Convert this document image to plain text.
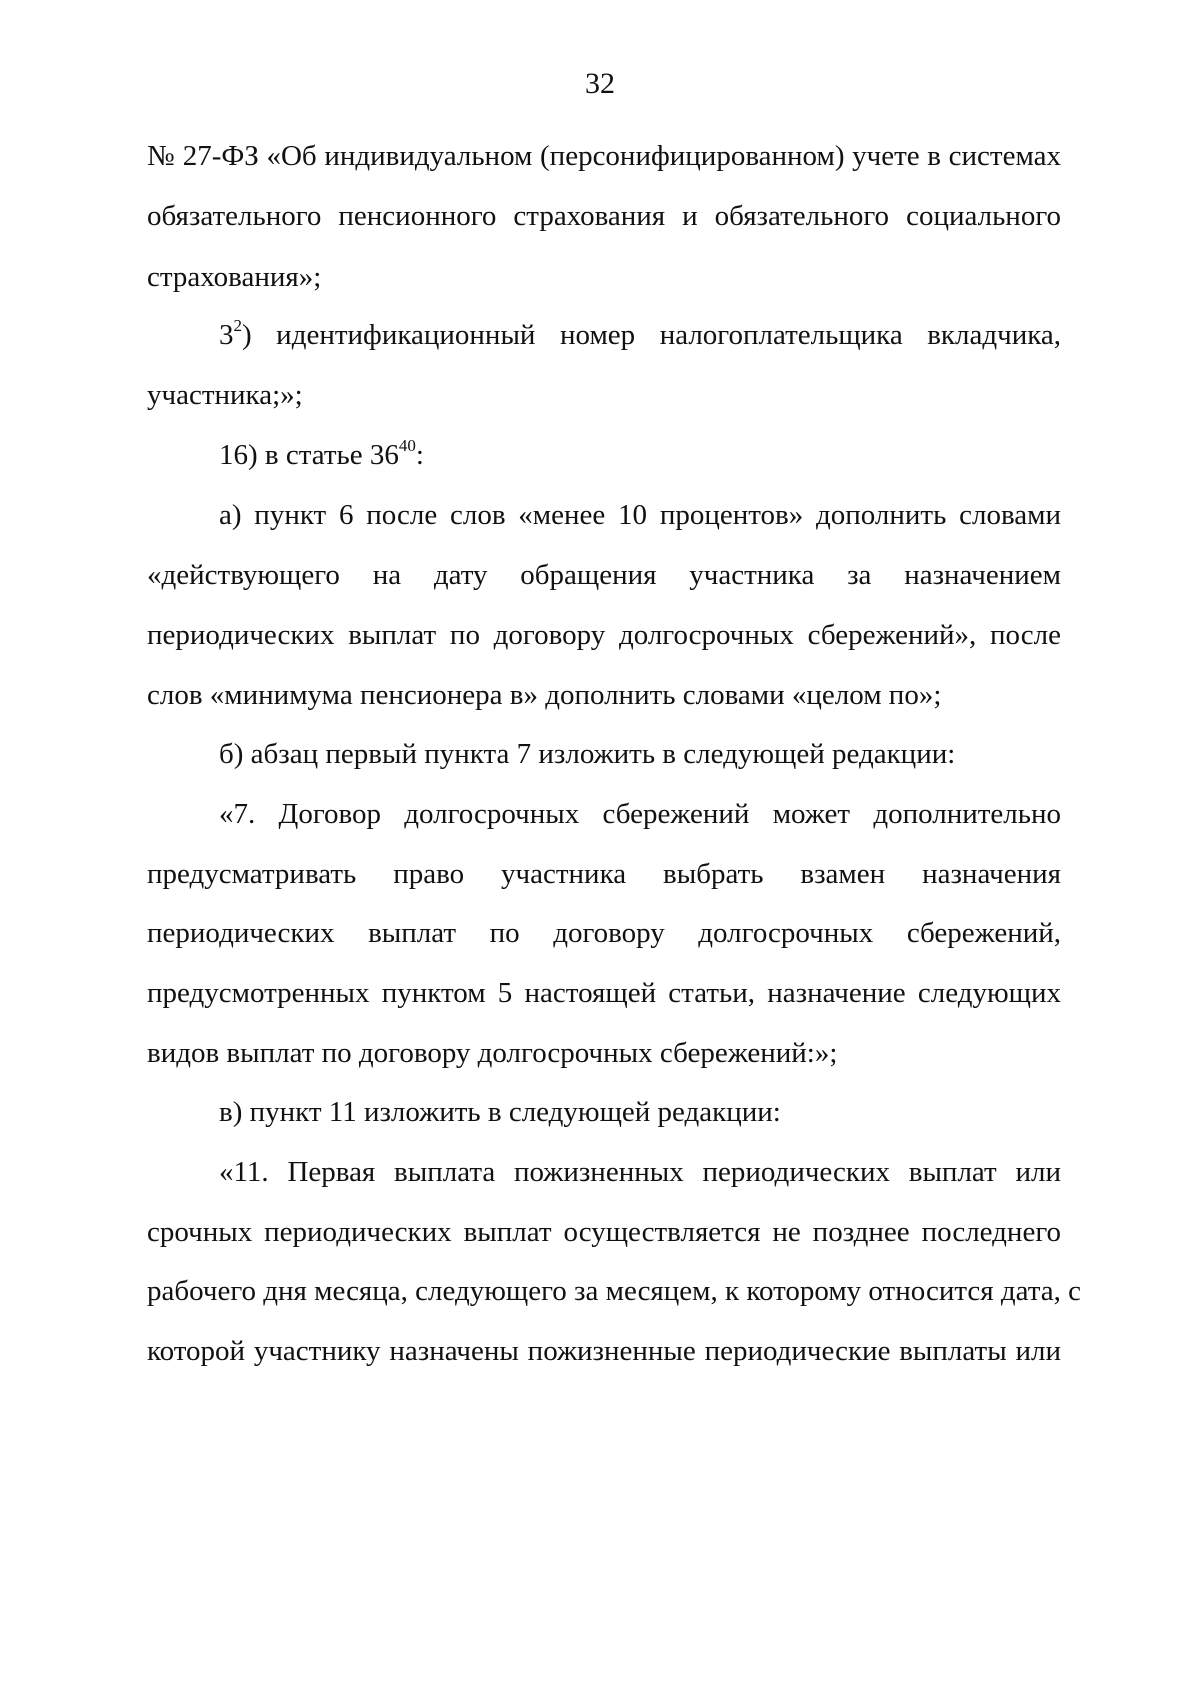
32
№ 27-ФЗ «Об индивидуальном (персонифицированном) учете в системах
обязательного пенсионного страхования и обязательного социального
страхования»;
$3^2$) идентификационный номер налогоплательщика вкладчика,
участника;»;
16) в статье $36^{40}$:
а) пункт 6 после слов «менее 10 процентов» дополнить словами
«действующего на дату обращения участника за назначением
периодических выплат по договору долгосрочных сбережений», после
слов «минимума пенсионера в» дополнить словами «целом по»;
б) абзац первый пункта 7 изложить в следующей редакции:
«7. Договор долгосрочных сбережений может дополнительно
предусматривать право участника выбрать взамен назначения
периодических выплат по договору долгосрочных сбережений,
предусмотренных пунктом 5 настоящей статьи, назначение следующих
видов выплат по договору долгосрочных сбережений:»;
в) пункт 11 изложить в следующей редакции:
«11. Первая выплата пожизненных периодических выплат или
срочных периодических выплат осуществляется не позднее последнего
рабочего дня месяца, следующего за месяцем, к которому относится дата, с
которой участнику назначены пожизненные периодические выплаты или
